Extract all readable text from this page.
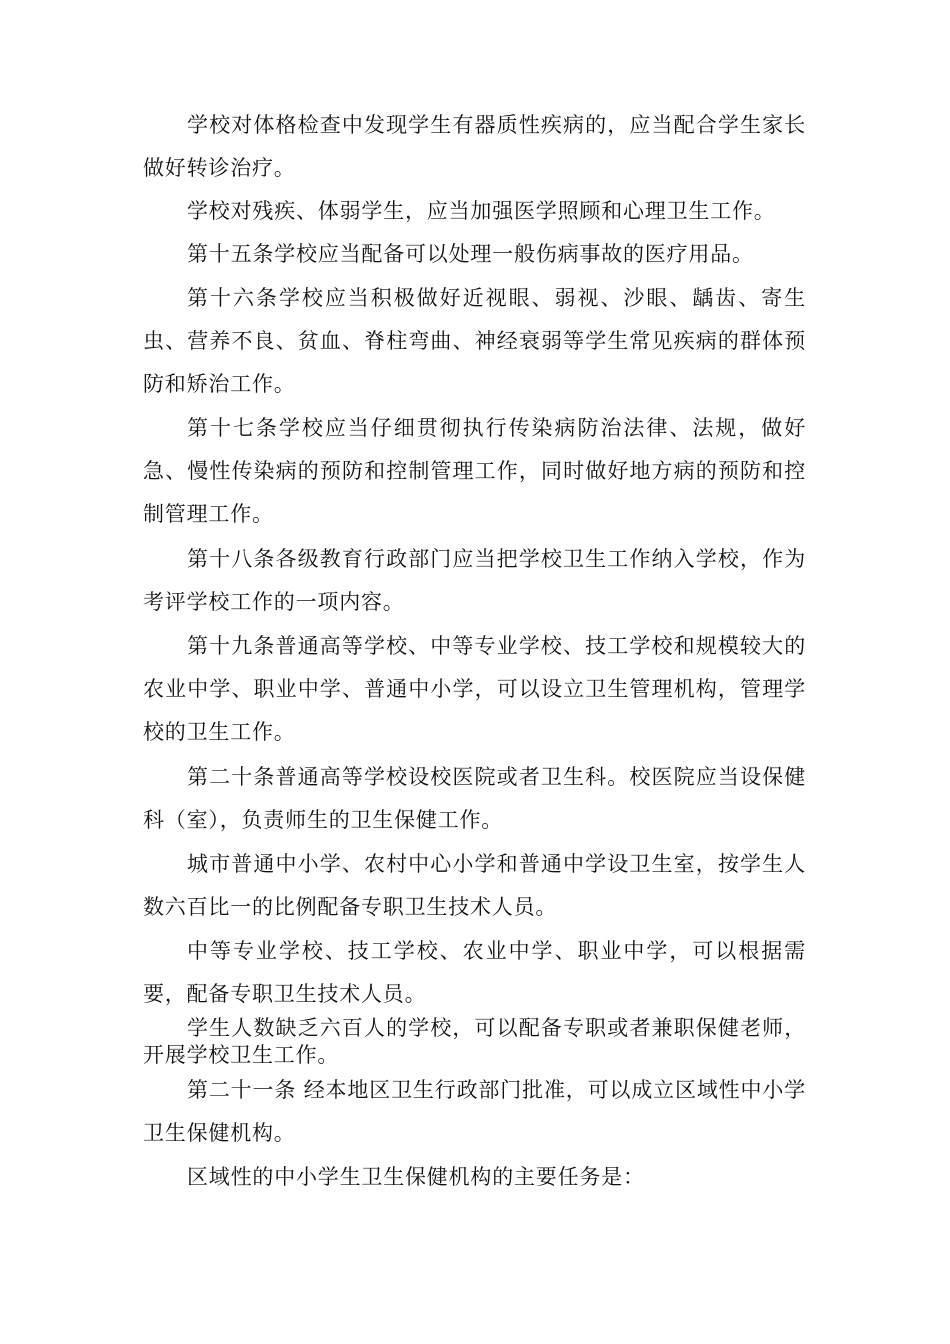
学校对体格检查中发现学生有器质性疾病的，应当配合学生家长做好转诊治疗。

学校对残疾、体弱学生，应当加强医学照顾和心理卫生工作。

第十五条学校应当配备可以处理一般伤病事故的医疗用品。

第十六条学校应当积极做好近视眼、弱视、沙眼、龋齿、寄生虫、营养不良、贫血、脊柱弯曲、神经衰弱等学生常见疾病的群体预防和矫治工作。

第十七条学校应当仔细贯彻执行传染病防治法律、法规，做好急、慢性传染病的预防和控制管理工作，同时做好地方病的预防和控制管理工作。

第十八条各级教育行政部门应当把学校卫生工作纳入学校，作为考评学校工作的一项内容。

第十九条普通高等学校、中等专业学校、技工学校和规模较大的农业中学、职业中学、普通中小学，可以设立卫生管理机构，管理学校的卫生工作。

第二十条普通高等学校设校医院或者卫生科。校医院应当设保健科（室），负责师生的卫生保健工作。

城市普通中小学、农村中心小学和普通中学设卫生室，按学生人数六百比一的比例配备专职卫生技术人员。

中等专业学校、技工学校、农业中学、职业中学，可以根据需要，配备专职卫生技术人员。

学生人数缺乏六百人的学校，可以配备专职或者兼职保健老师，开展学校卫生工作。

第二十一条 经本地区卫生行政部门批准，可以成立区域性中小学卫生保健机构。

区域性的中小学生卫生保健机构的主要任务是：
